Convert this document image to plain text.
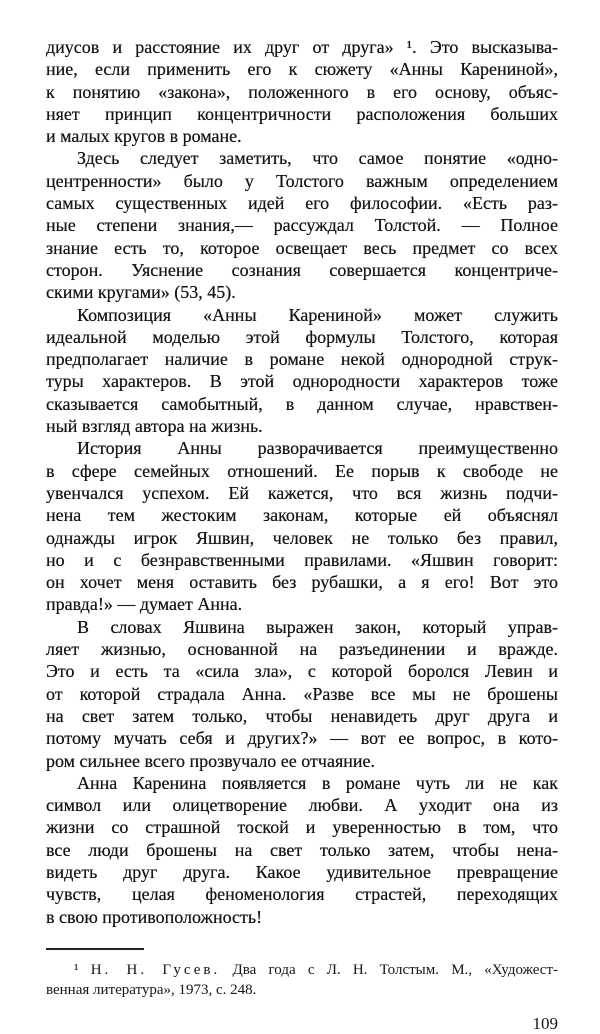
диусов и расстояние их друг от друга» ¹. Это высказыва-
ние, если применить его к сюжету «Анны Карениной»,
к понятию «закона», положенного в его основу, объяс-
няет принцип концентричности расположения больших
и малых кругов в романе.
Здесь следует заметить, что самое понятие «одно-
центренности» было у Толстого важным определением
самых существенных идей его философии. «Есть раз-
ные степени знания,— рассуждал Толстой. — Полное
знание есть то, которое освещает весь предмет со всех
сторон. Уяснение сознания совершается концентриче-
скими кругами» (53, 45).
Композиция «Анны Карениной» может служить
идеальной моделью этой формулы Толстого, которая
предполагает наличие в романе некой однородной струк-
туры характеров. В этой однородности характеров тоже
сказывается самобытный, в данном случае, нравствен-
ный взгляд автора на жизнь.
История Анны разворачивается преимущественно
в сфере семейных отношений. Ее порыв к свободе не
увенчался успехом. Ей кажется, что вся жизнь подчи-
нена тем жестоким законам, которые ей объяснял
однажды игрок Яшвин, человек не только без правил,
но и с безнравственными правилами. «Яшвин говорит:
он хочет меня оставить без рубашки, а я его! Вот это
правда!» — думает Анна.
В словах Яшвина выражен закон, который управ-
ляет жизнью, основанной на разъединении и вражде.
Это и есть та «сила зла», с которой боролся Левин и
от которой страдала Анна. «Разве все мы не брошены
на свет затем только, чтобы ненавидеть друг друга и
потому мучать себя и других?» — вот ее вопрос, в кото-
ром сильнее всего прозвучало ее отчаяние.
Анна Каренина появляется в романе чуть ли не как
символ или олицетворение любви. А уходит она из
жизни со страшной тоской и уверенностью в том, что
все люди брошены на свет только затем, чтобы нена-
видеть друг друга. Какое удивительное превращение
чувств, целая феноменология страстей, переходящих
в свою противоположность!
¹ Н. Н. Гусев. Два года с Л. Н. Толстым. М., «Художест-
венная литература», 1973, с. 248.
109
